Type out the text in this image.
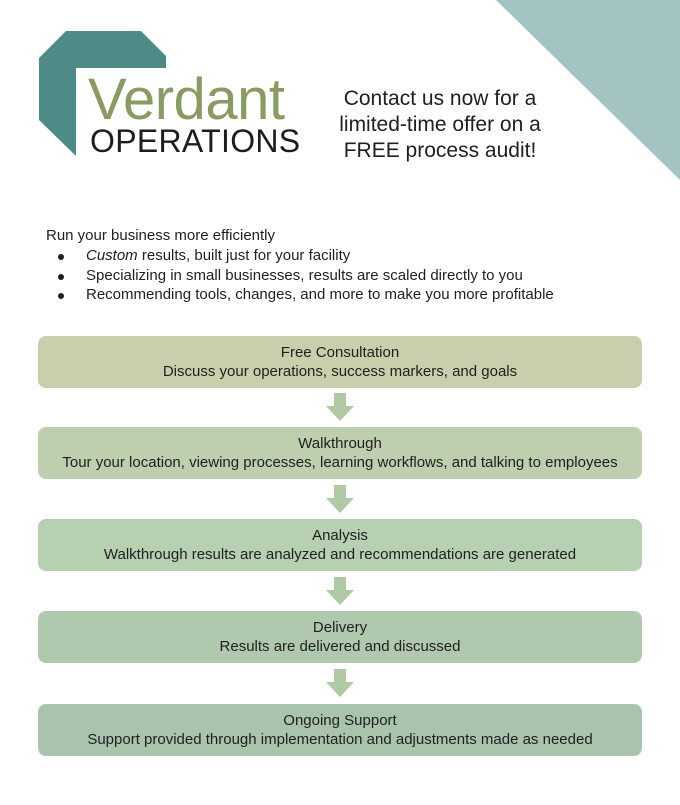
Verdant
OPERATIONS
Contact us now for a
limited-time offer on a
FREE process audit!
Run your business more efficiently
Custom results, built just for your facility
Specializing in small businesses, results are scaled directly to you
Recommending tools, changes, and more to make you more profitable
Free Consultation
Discuss your operations, success markers, and goals
Walkthrough
Tour your location, viewing processes, learning workflows, and talking to employees
Analysis
Walkthrough results are analyzed and recommendations are generated
Delivery
Results are delivered and discussed
Ongoing Support
Support provided through implementation and adjustments made as needed
